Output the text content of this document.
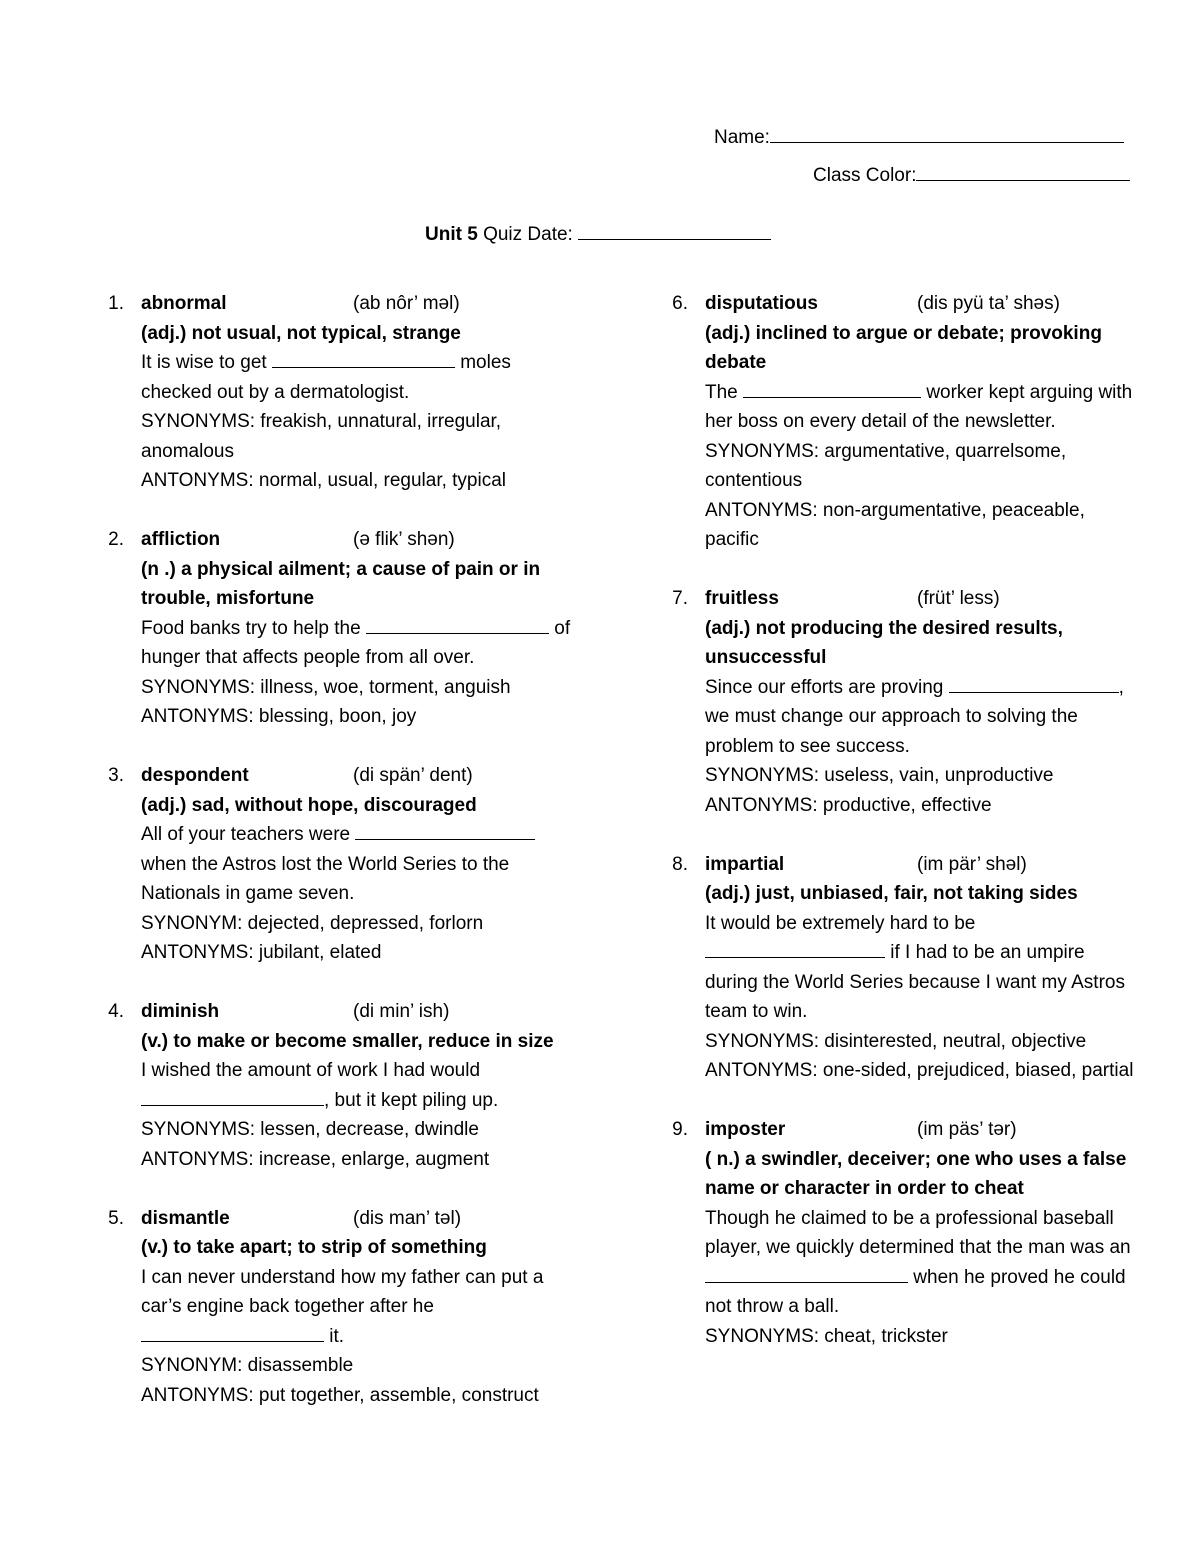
Name:
Class Color:
Unit 5 Quiz Date:
1. abnormal	(ab nôr’ məl)
(adj.) not usual, not typical, strange
It is wise to get	moles checked out by a dermatologist.
SYNONYMS: freakish, unnatural, irregular, anomalous
ANTONYMS: normal, usual, regular, typical
2. affliction	(ə flik’ shən)
(n .) a physical ailment; a cause of pain or in trouble, misfortune
Food banks try to help the	of hunger that affects people from all over.
SYNONYMS: illness, woe, torment, anguish
ANTONYMS: blessing, boon, joy
3. despondent	(di spän’ dent)
(adj.) sad, without hope, discouraged
All of your teachers were  when the Astros lost the World Series to the Nationals in game seven.
SYNONYM: dejected, depressed, forlorn
ANTONYMS: jubilant, elated
4. diminish	(di min’ ish)
(v.) to make or become smaller, reduce in size
I wished the amount of work I had would , but it kept piling up.
SYNONYMS: lessen, decrease, dwindle
ANTONYMS: increase, enlarge, augment
5. dismantle	(dis man’ təl)
(v.) to take apart; to strip of something
I can never understand how my father can put a car’s engine back together after he  it.
SYNONYM: disassemble
ANTONYMS: put together, assemble, construct
6. disputatious	(dis pyü ta’ shəs)
(adj.) inclined to argue or debate; provoking debate
The	worker kept arguing with her boss on every detail of the newsletter.
SYNONYMS: argumentative, quarrelsome, contentious
ANTONYMS: non-argumentative, peaceable, pacific
7. fruitless	(früt’ less)
(adj.) not producing the desired results, unsuccessful
Since our efforts are proving	, we must change our approach to solving the problem to see success.
SYNONYMS: useless, vain, unproductive
ANTONYMS: productive, effective
8. impartial	(im pär’ shəl)
(adj.) just, unbiased, fair, not taking sides
It would be extremely hard to be  if I had to be an umpire during the World Series because I want my Astros team to win.
SYNONYMS: disinterested, neutral, objective
ANTONYMS: one-sided, prejudiced, biased, partial
9. imposter	(im päs’ tər)
( n.) a swindler, deceiver; one who uses a false name or character in order to cheat
Though he claimed to be a professional baseball player, we quickly determined that the man was an  when he proved he could not throw a ball.
SYNONYMS: cheat, trickster
